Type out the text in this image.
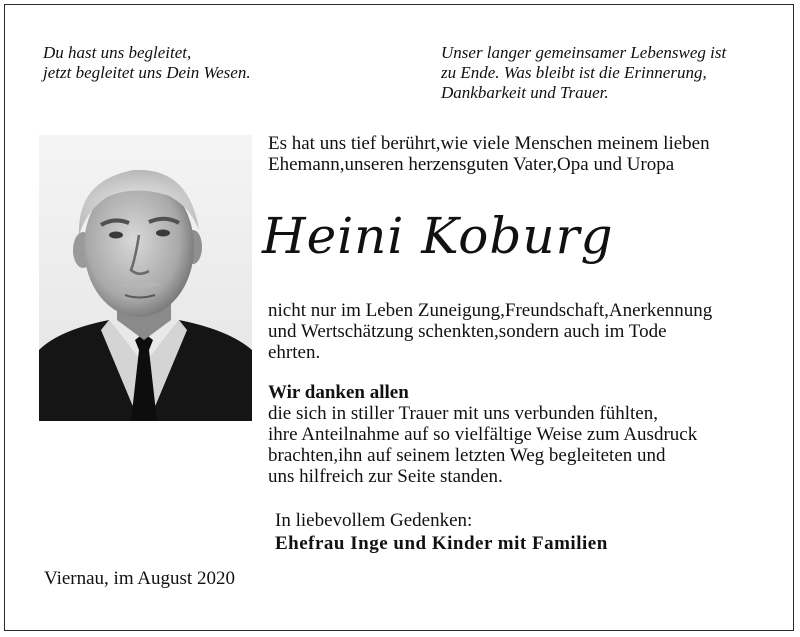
Du hast uns begleitet,
jetzt begleitet uns Dein Wesen.
Unser langer gemeinsamer Lebensweg ist
zu Ende. Was bleibt ist die Erinnerung,
Dankbarkeit und Trauer.
Es hat uns tief berührt,wie viele Menschen meinem lieben
Ehemann,unseren herzensguten Vater,Opa und Uropa
Heini Koburg
nicht nur im Leben Zuneigung,Freundschaft,Anerkennung
und Wertschätzung schenkten,sondern auch im Tode
ehrten.
Wir danken allen
die sich in stiller Trauer mit uns verbunden fühlten,
ihre Anteilnahme auf so vielfältige Weise zum Ausdruck
brachten,ihn auf seinem letzten Weg begleiteten und
uns hilfreich zur Seite standen.
In liebevollem Gedenken:
Ehefrau Inge und Kinder mit Familien
Viernau, im August 2020
